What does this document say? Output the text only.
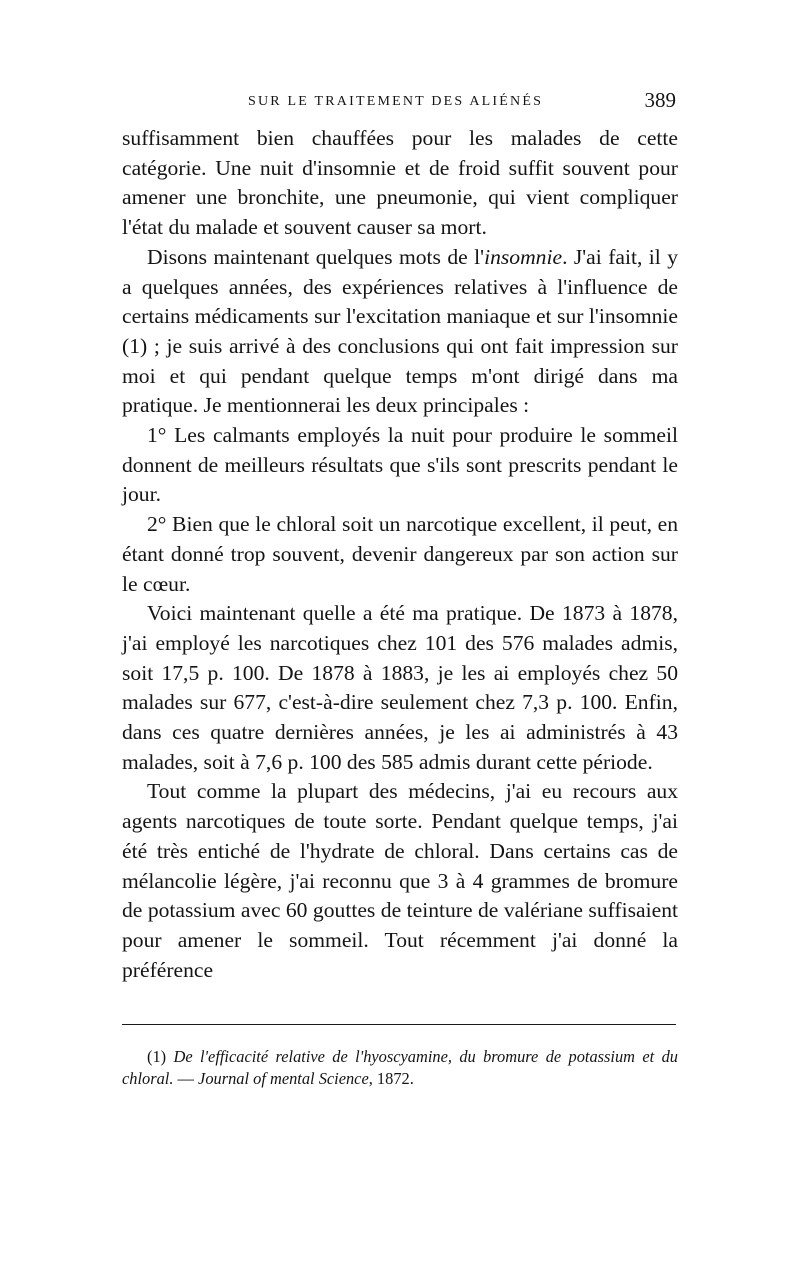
SUR LE TRAITEMENT DES ALIÉNÉS	389

suffisamment bien chauffées pour les malades de cette catégorie. Une nuit d'insomnie et de froid suffit souvent pour amener une bronchite, une pneumonie, qui vient compliquer l'état du malade et souvent causer sa mort.

Disons maintenant quelques mots de l'insomnie. J'ai fait, il y a quelques années, des expériences relatives à l'influence de certains médicaments sur l'excitation maniaque et sur l'insomnie (1) ; je suis arrivé à des conclusions qui ont fait impression sur moi et qui pendant quelque temps m'ont dirigé dans ma pratique. Je mentionnerai les deux principales :

1° Les calmants employés la nuit pour produire le sommeil donnent de meilleurs résultats que s'ils sont prescrits pendant le jour.

2° Bien que le chloral soit un narcotique excellent, il peut, en étant donné trop souvent, devenir dangereux par son action sur le cœur.

Voici maintenant quelle a été ma pratique. De 1873 à 1878, j'ai employé les narcotiques chez 101 des 576 malades admis, soit 17,5 p. 100. De 1878 à 1883, je les ai employés chez 50 malades sur 677, c'est-à-dire seulement chez 7,3 p. 100. Enfin, dans ces quatre dernières années, je les ai administrés à 43 malades, soit à 7,6 p. 100 des 585 admis durant cette période.

Tout comme la plupart des médecins, j'ai eu recours aux agents narcotiques de toute sorte. Pendant quelque temps, j'ai été très entiché de l'hydrate de chloral. Dans certains cas de mélancolie légère, j'ai reconnu que 3 à 4 grammes de bromure de potassium avec 60 gouttes de teinture de valériane suffisaient pour amener le sommeil. Tout récemment j'ai donné la préférence

(1) De l'efficacité relative de l'hyoscyamine, du bromure de potassium et du chloral. — Journal of mental Science, 1872.
